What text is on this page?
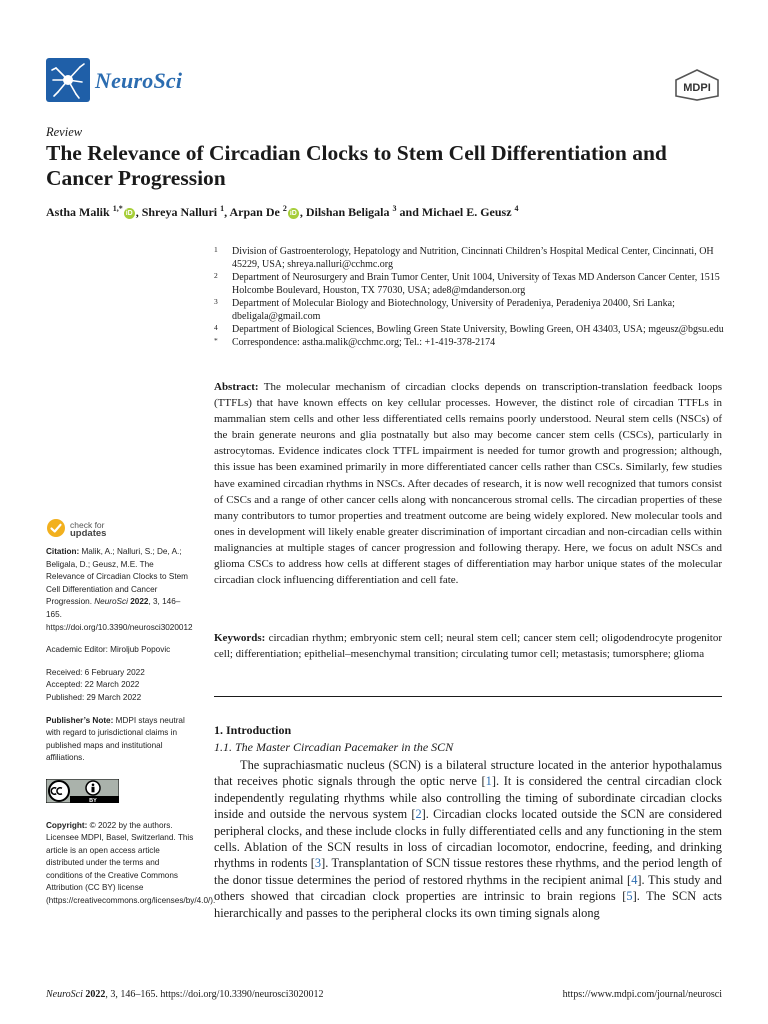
NeuroSci	MDPI
Review
The Relevance of Circadian Clocks to Stem Cell Differentiation and Cancer Progression
Astha Malik $^{1,*}$iD , Shreya Nalluri $^1$, Arpan De $^2$iD , Dilshan Beligala $^3$ and Michael E. Geusz $^4$
1 Division of Gastroenterology, Hepatology and Nutrition, Cincinnati Children’s Hospital Medical Center, Cincinnati, OH 45229, USA; shreya.nalluri@cchmc.org
2 Department of Neurosurgery and Brain Tumor Center, Unit 1004, University of Texas MD Anderson Cancer Center, 1515 Holcombe Boulevard, Houston, TX 77030, USA; ade8@mdanderson.org
3 Department of Molecular Biology and Biotechnology, University of Peradeniya, Peradeniya 20400, Sri Lanka; dbeligala@gmail.com
4 Department of Biological Sciences, Bowling Green State University, Bowling Green, OH 43403, USA; mgeusz@bgsu.edu
* Correspondence: astha.malik@cchmc.org; Tel.: +1-419-378-2174
Abstract: The molecular mechanism of circadian clocks depends on transcription-translation feedback loops (TTFLs) that have known effects on key cellular processes. However, the distinct role of circadian TTFLs in mammalian stem cells and other less differentiated cells remains poorly understood. Neural stem cells (NSCs) of the brain generate neurons and glia postnatally but also may become cancer stem cells (CSCs), particularly in astrocytomas. Evidence indicates clock TTFL impairment is needed for tumor growth and progression; although, this issue has been examined primarily in more differentiated cancer cells rather than CSCs. Similarly, few studies have examined circadian rhythms in NSCs. After decades of research, it is now well recognized that tumors consist of CSCs and a range of other cancer cells along with noncancerous stromal cells. The circadian properties of these many contributors to tumor properties and treatment outcome are being widely explored. New molecular tools and ones in development will likely enable greater discrimination of important circadian and non-circadian cells within malignancies at multiple stages of cancer progression and following therapy. Here, we focus on adult NSCs and glioma CSCs to address how cells at different stages of differentiation may harbor unique states of the molecular circadian clock influencing differentiation and cell fate.
Keywords: circadian rhythm; embryonic stem cell; neural stem cell; cancer stem cell; oligodendrocyte progenitor cell; differentiation; epithelial–mesenchymal transition; circulating tumor cell; metastasis; tumorsphere; glioma
1. Introduction
1.1. The Master Circadian Pacemaker in the SCN

The suprachiasmatic nucleus (SCN) is a bilateral structure located in the anterior hypothalamus that receives photic signals through the optic nerve [1]. It is considered the central circadian clock independently regulating rhythms while also controlling the timing of subordinate circadian clocks inside and outside the nervous system [2]. Circadian clocks located outside the SCN are considered peripheral clocks, and these include clocks in fully differentiated cells and any functioning in the stem cells. Ablation of the SCN results in loss of circadian locomotor, endocrine, feeding, and drinking rhythms in rodents [3]. Transplantation of SCN tissue restores these rhythms, and the period length of the donor tissue determines the period of restored rhythms in the recipient animal [4]. This study and others showed that circadian clock properties are intrinsic to brain regions [5]. The SCN acts hierarchically and passes to the peripheral clocks its own timing signals along

check for
updates
Citation: Malik, A.; Nalluri, S.; De, A.; Beligala, D.; Geusz, M.E. The Relevance of Circadian Clocks to Stem Cell Differentiation and Cancer Progression. NeuroSci 2022, 3, 146–165. https://doi.org/10.3390/neurosci3020012
Academic Editor: Miroljub Popovic
Received: 6 February 2022
Accepted: 22 March 2022
Published: 29 March 2022
Publisher’s Note: MDPI stays neutral with regard to jurisdictional claims in published maps and institutional affiliations.
BY
Copyright: © 2022 by the authors. Licensee MDPI, Basel, Switzerland. This article is an open access article distributed under the terms and conditions of the Creative Commons Attribution (CC BY) license (https://creativecommons.org/licenses/by/4.0/).
NeuroSci 2022, 3, 146–165. https://doi.org/10.3390/neurosci3020012	https://www.mdpi.com/journal/neurosci
